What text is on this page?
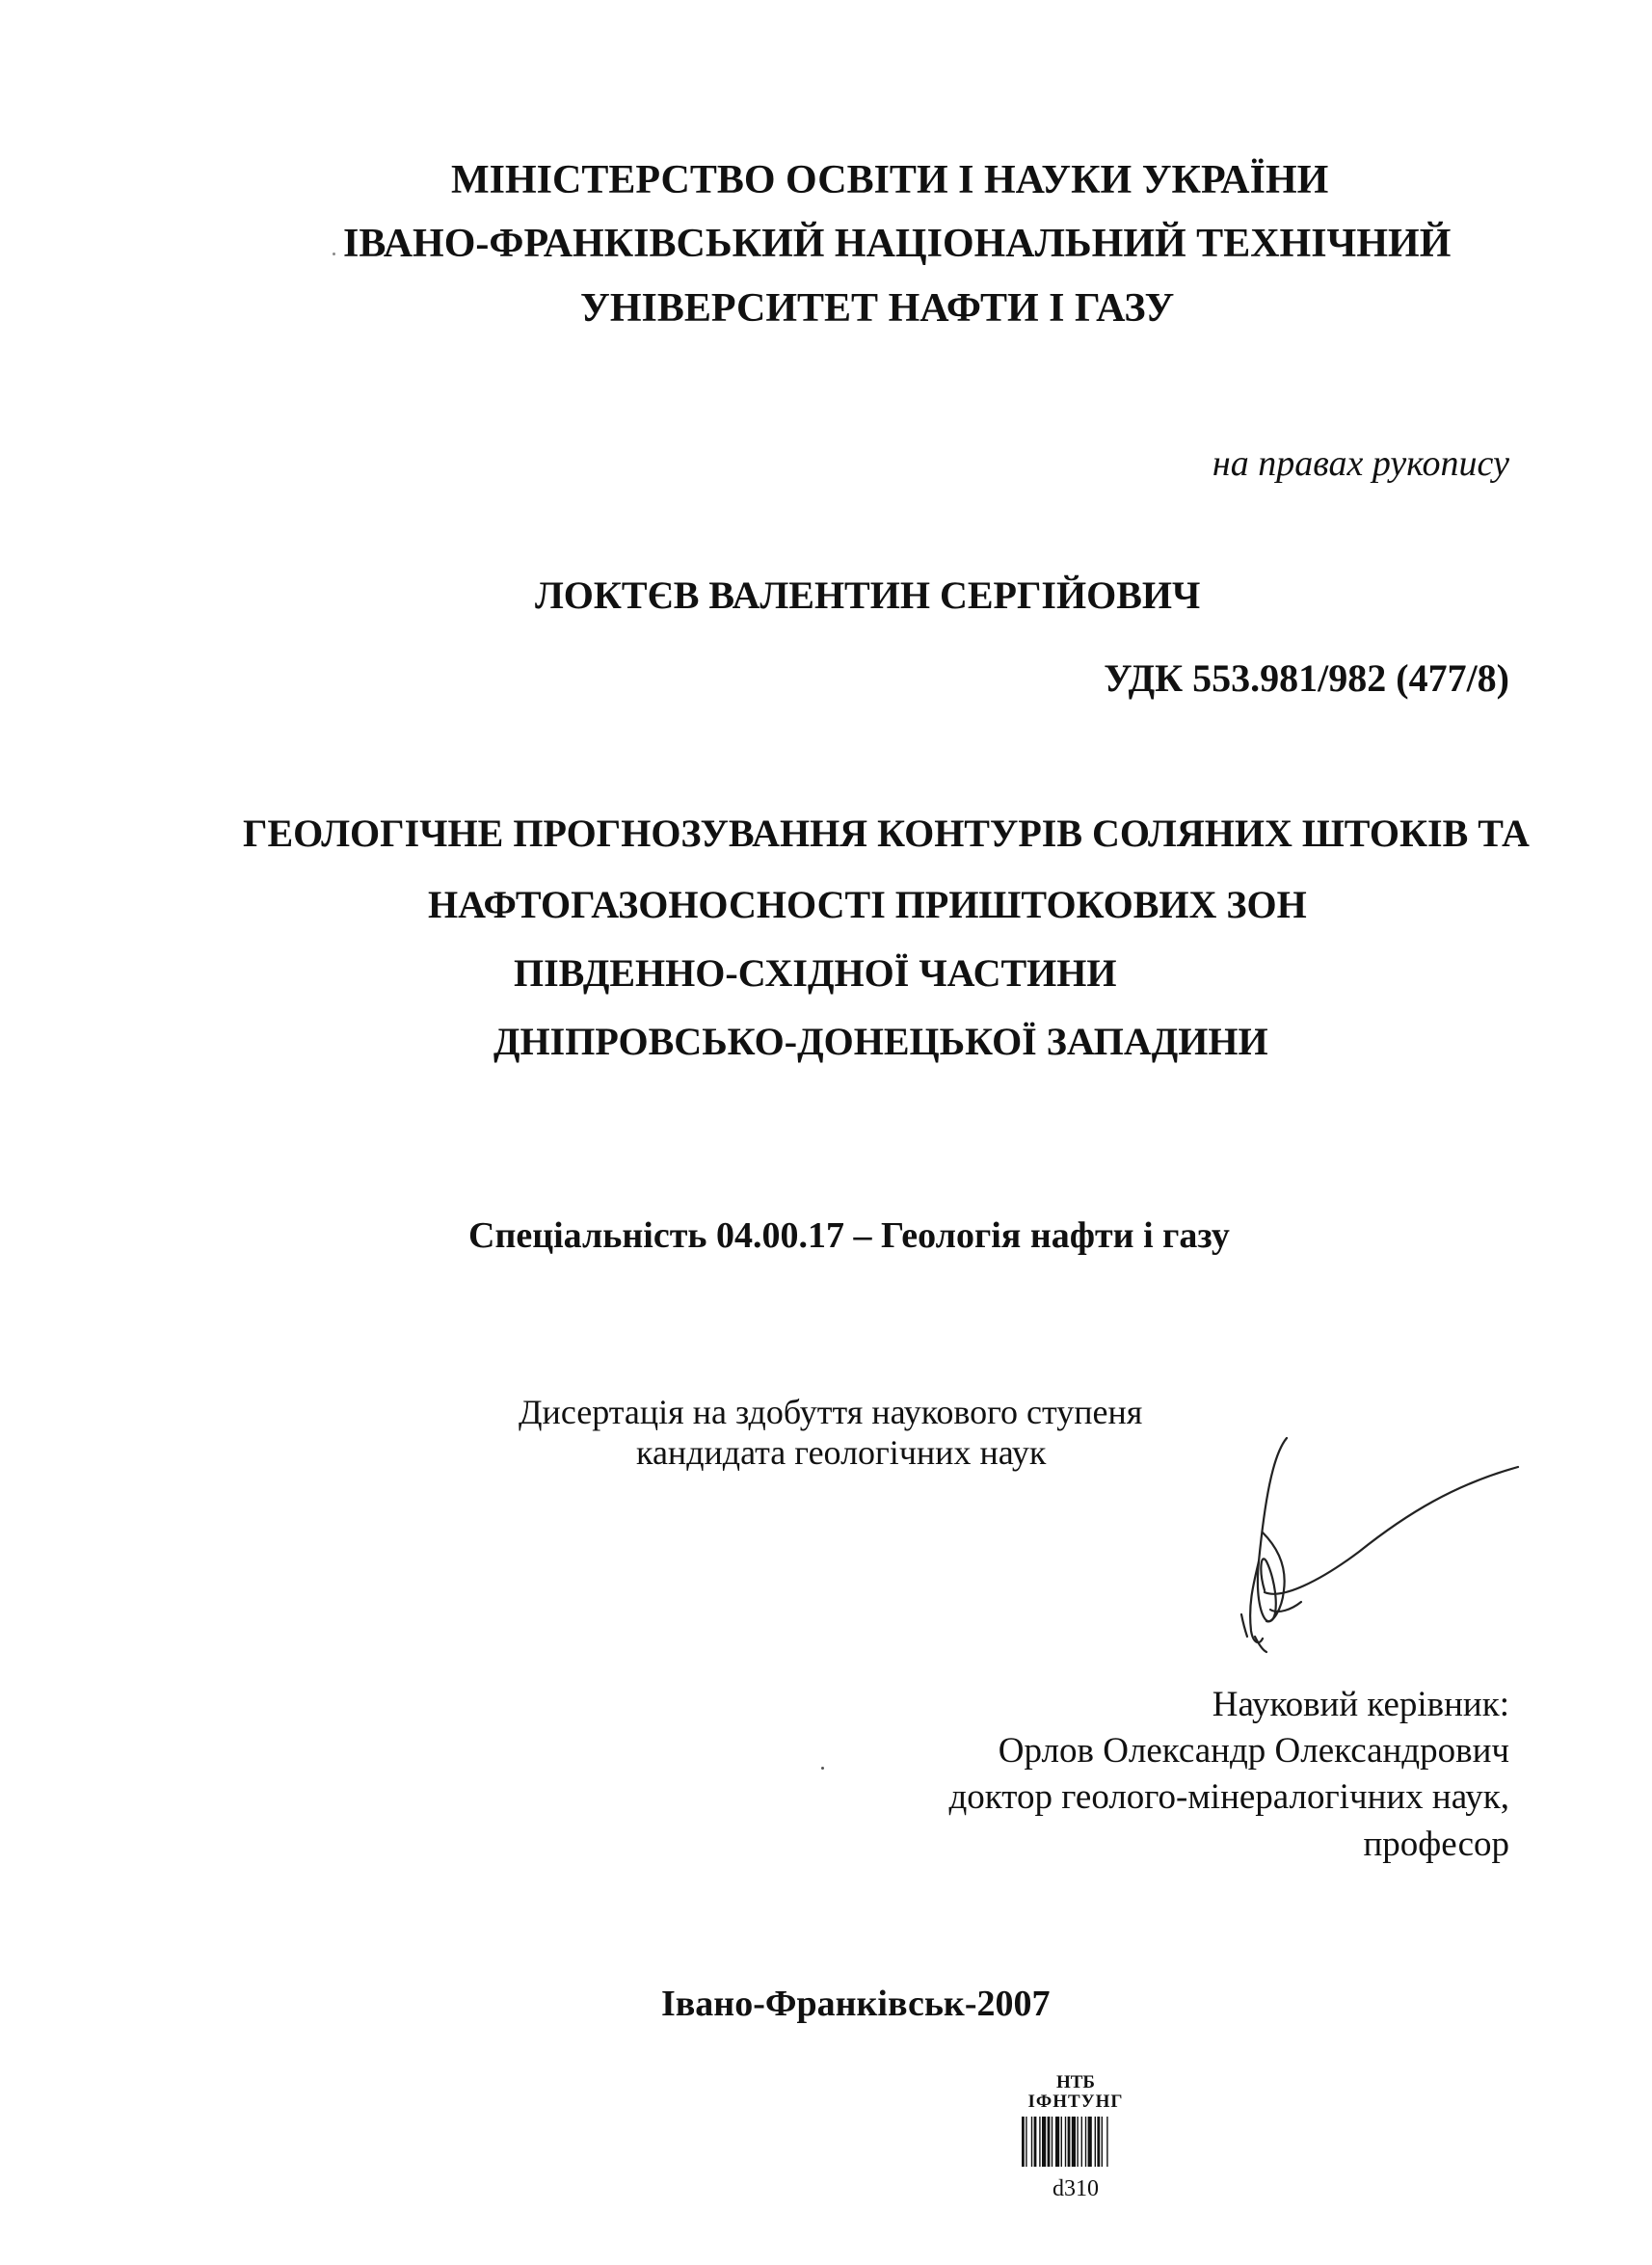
МІНІСТЕРСТВО ОСВІТИ І НАУКИ УКРАЇНИ
ІВАНО-ФРАНКІВСЬКИЙ НАЦІОНАЛЬНИЙ ТЕХНІЧНИЙ
УНІВЕРСИТЕТ НАФТИ І ГАЗУ
на правах рукопису
ЛОКТЄВ ВАЛЕНТИН СЕРГІЙОВИЧ
УДК 553.981/982 (477/8)
ГЕОЛОГІЧНЕ ПРОГНОЗУВАННЯ КОНТУРІВ СОЛЯНИХ ШТОКІВ ТА
НАФТОГАЗОНОСНОСТІ ПРИШТОКОВИХ ЗОН
ПІВДЕННО-СХІДНОЇ ЧАСТИНИ
ДНІПРОВСЬКО-ДОНЕЦЬКОЇ ЗАПАДИНИ
Спеціальність 04.00.17 – Геологія нафти і газу
Дисертація на здобуття наукового ступеня
кандидата геологічних наук
Науковий керівник:
Орлов Олександр Олександрович
доктор геолого-мінералогічних наук,
професор
Івано-Франківськ-2007
НТБ
ІФНТУНГ
d310
